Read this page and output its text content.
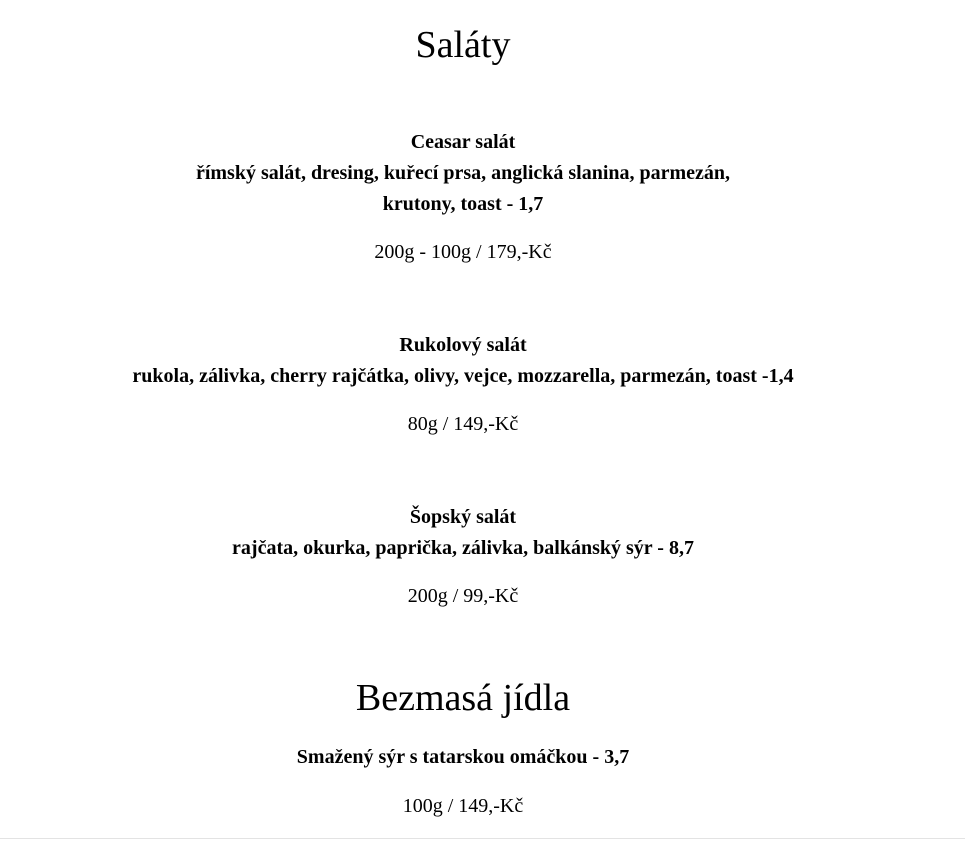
Saláty

Ceasar salát

římský salát, dresing, kuřecí prsa, anglická slanina, parmezán,

krutony, toast - 1,7

200g - 100g / 179,-Kč

Rukolový salát

rukola, zálivka, cherry rajčátka, olivy, vejce, mozzarella, parmezán, toast -1,4

80g / 149,-Kč

Šopský salát

rajčata, okurka, paprička, zálivka, balkánský sýr - 8,7

200g / 99,-Kč

Bezmasá jídla

Smažený sýr s tatarskou omáčkou - 3,7

100g / 149,-Kč
